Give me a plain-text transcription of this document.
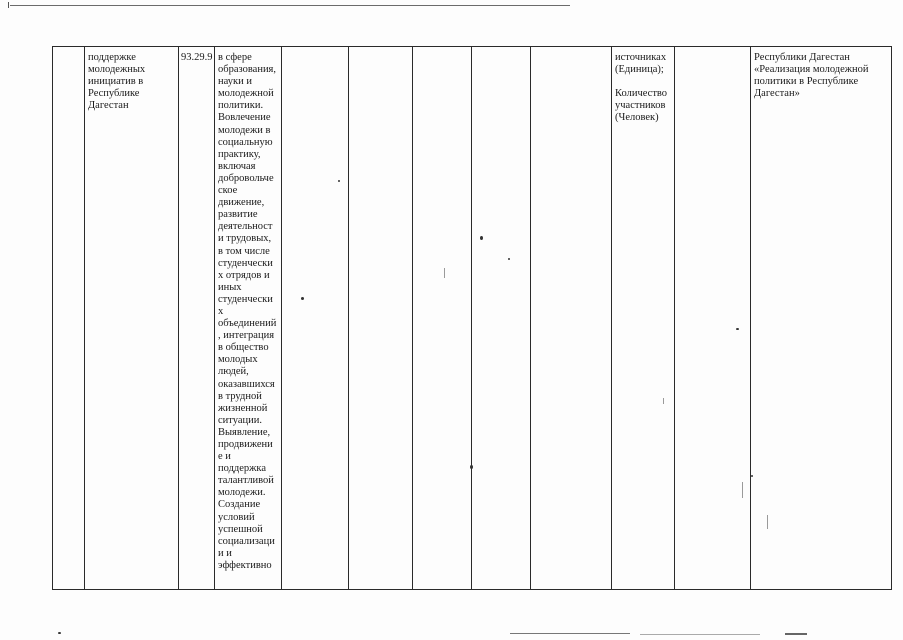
поддержке
молодежных
инициатив в
Республике
Дагестан
93.29.9 в сфере
образования,
науки и
молодежной
политики.
Вовлечение
молодежи в
социальную
практику,
включая
добровольче
ское
движение,
развитие
деятельност
и трудовых,
в том числе
студенчески
х отрядов и
иных
студенчески
х
объединений
, интеграция
в общество
молодых
людей,
оказавшихся
в трудной
жизненной
ситуации.
Выявление,
продвижени
е и
поддержка
талантливой
молодежи.
Создание
условий
успешной
социализаци
и и
эффективно
источниках
(Единица);

Количество
участников
(Человек)
Республики Дагестан
«Реализация молодежной
политики в Республике
Дагестан»
